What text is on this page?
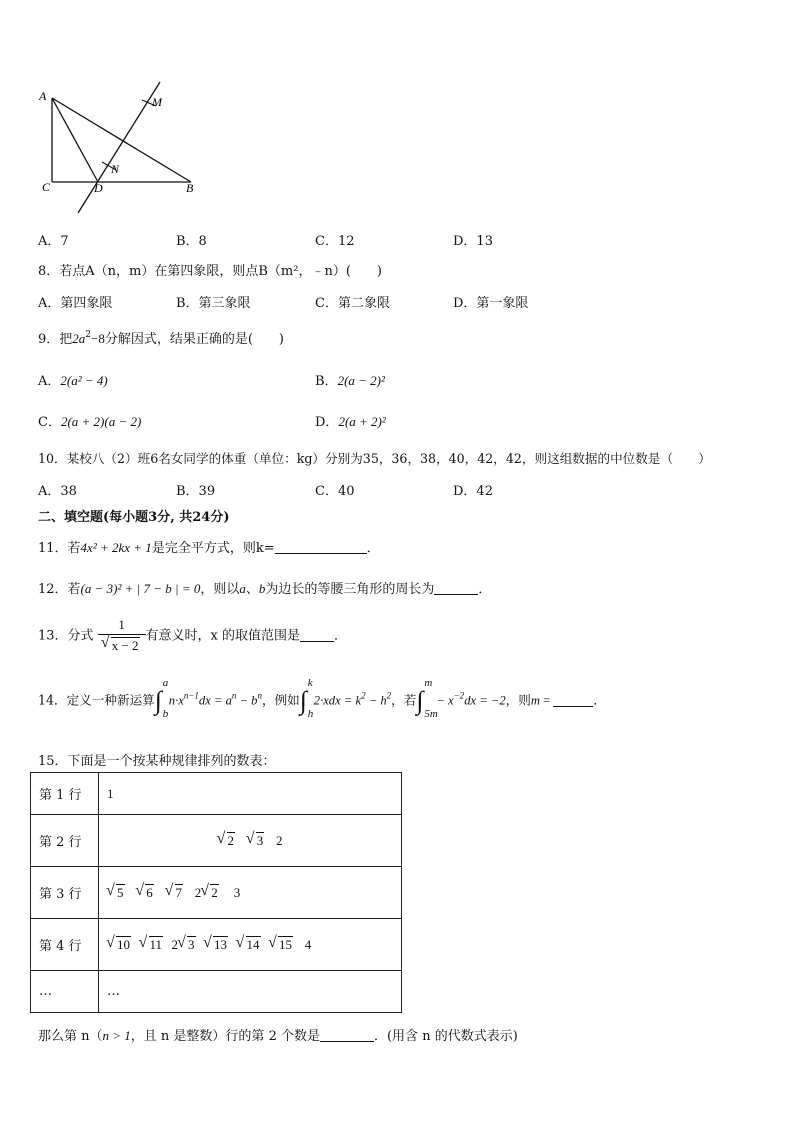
A
C	D	B
M
N
A．7	B．8	C．12	D．13
8．若点A（n，m）在第四象限，则点B（m²，﹣n）(　　)
A．第四象限	B．第三象限	C．第二象限	D．第一象限
9．把$2a^2-8$分解因式，结果正确的是(　　)
A．2(a² − 4)	B．2(a − 2)²
C．2(a + 2)(a − 2)	D．2(a + 2)²
10．某校八（2）班6名女同学的体重（单位：kg）分别为35，36，38，40，42，42，则这组数据的中位数是（　　）
A．38	B．39	C．40	D．42
二、填空题(每小题3分, 共24分)
11．若4x² + 2kx + 1是完全平方式，则k=	．
12．若(a − 3)² + | 7 − b | = 0，则以a、b为边长的等腰三角形的周长为	．
13．分式 1
√ x − 2 有意义时，x 的取值范围是	．
14．定义一种新运算 ∫
a
b
$n\cdot x^{n-1}dx = a^n - b^n$，例如 ∫
k
h
$2\cdot xdx = k^2 - h^2$，若 ∫
m
5m
− $x^{-2}dx = -2$，则m =	．
15．下面是一个按某种规律排列的数表：
第 1 行	1
第 2 行	√ 2 √ 3 2
第 3 行	√ 5 √ 6 √ 7 2 √ 2 3
第 4 行	√ 10 √ 11 2 √ 3 √ 13 √ 14 √ 15 4
…	…
那么第 n（n > 1，且 n 是整数）行的第 2 个数是	．(用含 n 的代数式表示)
